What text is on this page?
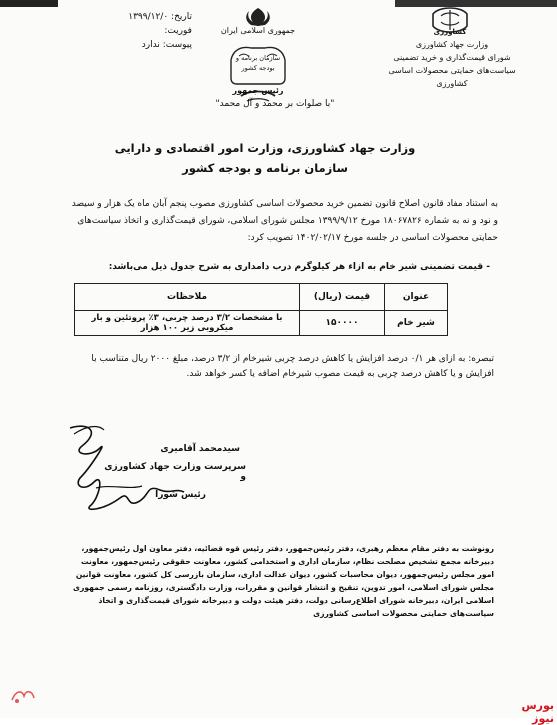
تاریخ: ۱۳۹۹/۱۲/۰
فوریت:
پیوست: ندارد
جمهوری اسلامی ایران
سازمان برنامه و بودجه کشور
رئیس جمهور
کشاورزی
وزارت جهاد کشاورزی
شورای قیمت‌گذاری و خرید تضمینی
سیاست‌های حمایتی محصولات اساسی کشاورزی
"با صلوات بر محمد و آل محمد"
وزارت جهاد کشاورزی، وزارت امور اقتصادی و دارایی
سازمان برنامه و بودجه کشور
به استناد مفاد قانون اصلاح قانون تضمین خرید محصولات اساسی کشاورزی مصوب پنجم آبان ماه یک هزار و سیصد و نود و نه به شماره ۱۸۰۶۷۸۲۶ مورخ ۱۳۹۹/۹/۱۲ مجلس شورای اسلامی، شورای قیمت‌گذاری و اتخاذ سیاست‌های حمایتی محصولات اساسی در جلسه مورخ ۱۴۰۲/۰۲/۱۷ تصویب کرد:
- قیمت تضمینی شیر خام به ازاء هر کیلوگرم درب دامداری به شرح جدول ذیل می‌باشد:
عنوان	قیمت (ریال)	ملاحظات
شیر خام	۱۵۰۰۰۰	با مشخصات ۳/۲ درصد چربی، ۳٪ پروتئین و بار میکروبی زیر ۱۰۰ هزار
تبصره: به ازای هر ۰/۱ درصد افزایش یا کاهش درصد چربی شیرخام از ۳/۲ درصد، مبلغ ۲۰۰۰ ریال متناسب با افزایش و یا کاهش درصد چربی به قیمت مصوب شیرخام اضافه یا کسر خواهد شد.
سیدمحمد آقامیری
سرپرست وزارت جهاد کشاورزی و
رئیس شورا
رونوشت به دفتر مقام معظم رهبری، دفتر رئیس‌جمهور، دفتر رئیس قوه قضائیه، دفتر معاون اول رئیس‌جمهور، دبیرخانه مجمع تشخیص مصلحت نظام، سازمان اداری و استخدامی کشور، معاونت حقوقی رئیس‌جمهور، معاونت امور مجلس رئیس‌جمهور، دیوان محاسبات کشور، دیوان عدالت اداری، سازمان بازرسی کل کشور، معاونت قوانین مجلس شورای اسلامی، امور تدوین، تنقیح و انتشار قوانین و مقررات، وزارت دادگستری، روزنامه رسمی جمهوری اسلامی ایران، دبیرخانه شورای اطلاع‌رسانی دولت، دفتر هیئت دولت و دبیرخانه شورای قیمت‌گذاری و اتخاذ سیاست‌های حمایتی محصولات اساسی کشاورزی
بورس نیوز
